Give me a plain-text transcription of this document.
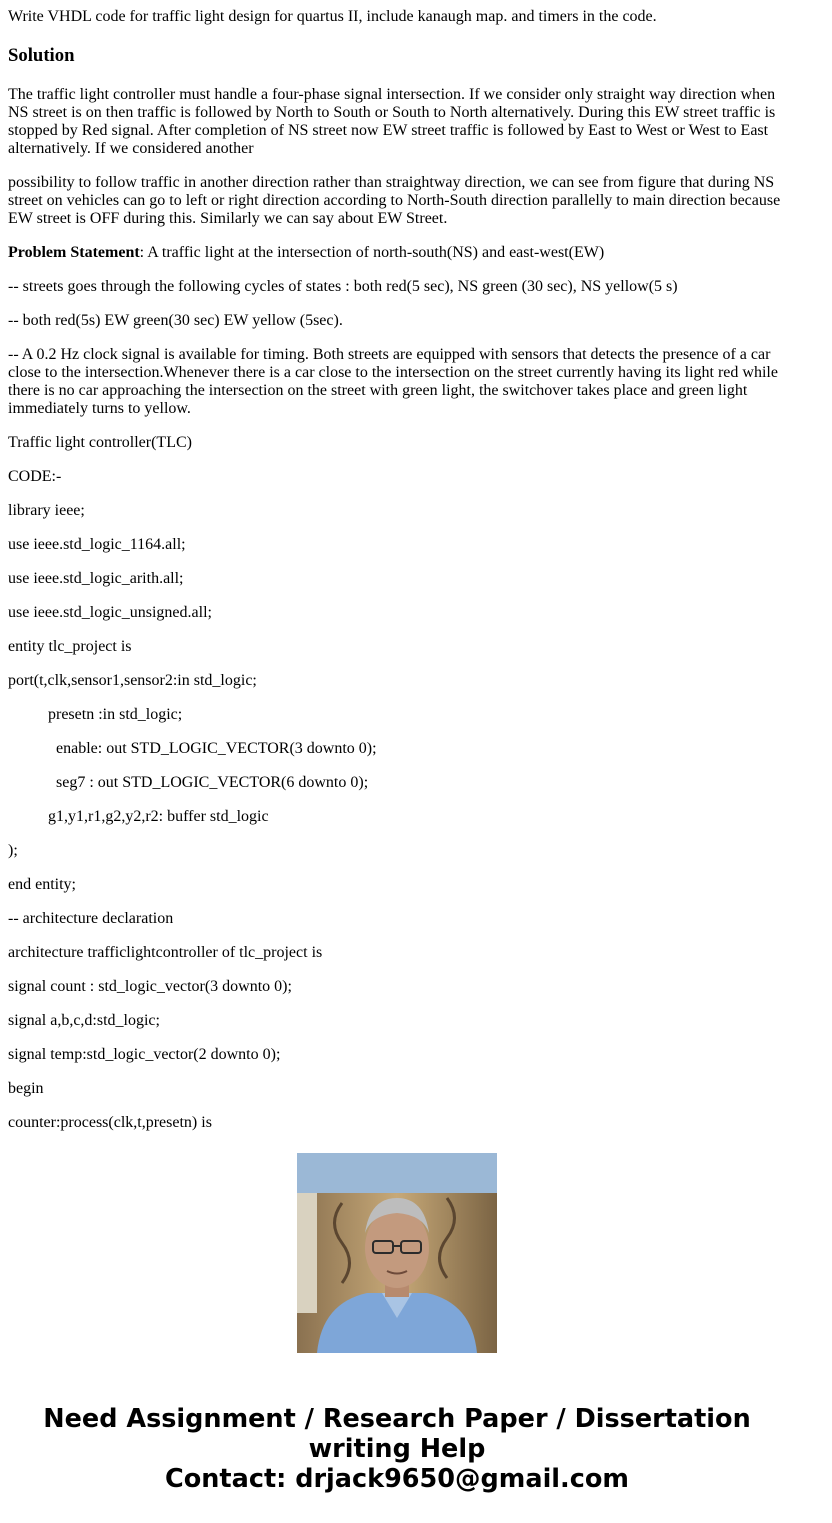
Write VHDL code for traffic light design for quartus II, include kanaugh map. and timers in the code.

Solution

The traffic light controller must handle a four-phase signal intersection. If we consider only straight way direction when NS street is on then traffic is followed by North to South or South to North alternatively. During this EW street traffic is stopped by Red signal. After completion of NS street now EW street traffic is followed by East to West or West to East alternatively. If we considered another

possibility to follow traffic in another direction rather than straightway direction, we can see from figure that during NS street on vehicles can go to left or right direction according to North-South direction parallelly to main direction because EW street is OFF during this. Similarly we can say about EW Street.

Problem Statement: A traffic light at the intersection of north-south(NS) and east-west(EW)

-- streets goes through the following cycles of states : both red(5 sec), NS green (30 sec), NS yellow(5 s)

-- both red(5s) EW green(30 sec) EW yellow (5sec).

-- A 0.2 Hz clock signal is available for timing. Both streets are equipped with sensors that detects the presence of a car close to the intersection.Whenever there is a car close to the intersection on the street currently having its light red while there is no car approaching the intersection on the street with green light, the switchover takes place and green light immediately turns to yellow.

Traffic light controller(TLC)

CODE:-

library ieee;

use ieee.std_logic_1164.all;

use ieee.std_logic_arith.all;

use ieee.std_logic_unsigned.all;

entity tlc_project is

port(t,clk,sensor1,sensor2:in std_logic;

presetn :in std_logic;

enable: out STD_LOGIC_VECTOR(3 downto 0);

seg7 : out STD_LOGIC_VECTOR(6 downto 0);

g1,y1,r1,g2,y2,r2: buffer std_logic

);

end entity;

-- architecture declaration

architecture trafficlightcontroller of tlc_project is

signal count : std_logic_vector(3 downto 0);

signal a,b,c,d:std_logic;

signal temp:std_logic_vector(2 downto 0);

begin

counter:process(clk,t,presetn) is

Need Assignment / Research Paper / Dissertation
writing Help
Contact: drjack9650@gmail.com
